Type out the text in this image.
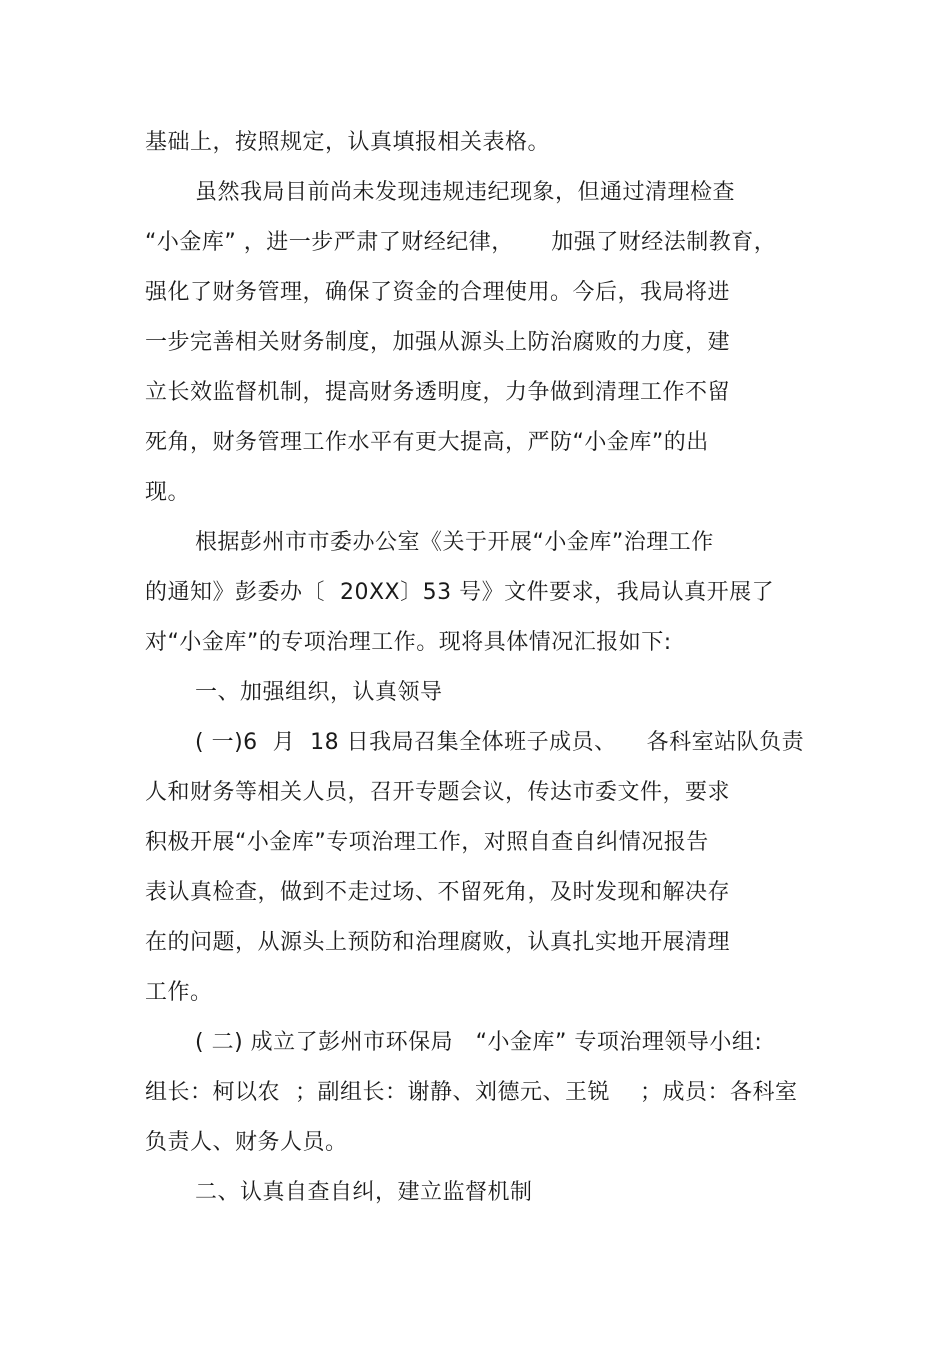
基础上，按照规定，认真填报相关表格。
虽然我局目前尚未发现违规违纪现象，但通过清理检查
“小金库” ，进一步严肃了财经纪律，     加强了财经法制教育，
强化了财务管理，确保了资金的合理使用。今后，我局将进
一步完善相关财务制度，加强从源头上防治腐败的力度，建
立长效监督机制，提高财务透明度，力争做到清理工作不留
死角，财务管理工作水平有更大提高，严防“小金库”的出
现。
根据彭州市市委办公室《关于开展“小金库”治理工作
的通知》彭委办〔  20XX〕53 号》文件要求，我局认真开展了
对“小金库”的专项治理工作。现将具体情况汇报如下:
一、加强组织，认真领导
( 一)6  月  18 日我局召集全体班子成员、    各科室站队负责
人和财务等相关人员，召开专题会议，传达市委文件，要求
积极开展“小金库”专项治理工作，对照自查自纠情况报告
表认真检查，做到不走过场、不留死角，及时发现和解决存
在的问题，从源头上预防和治理腐败，认真扎实地开展清理
工作。
( 二) 成立了彭州市环保局   “小金库” 专项治理领导小组:
组长：柯以农  ；副组长：谢静、刘德元、王锐    ；成员：各科室
负责人、财务人员。
二、认真自查自纠，建立监督机制
